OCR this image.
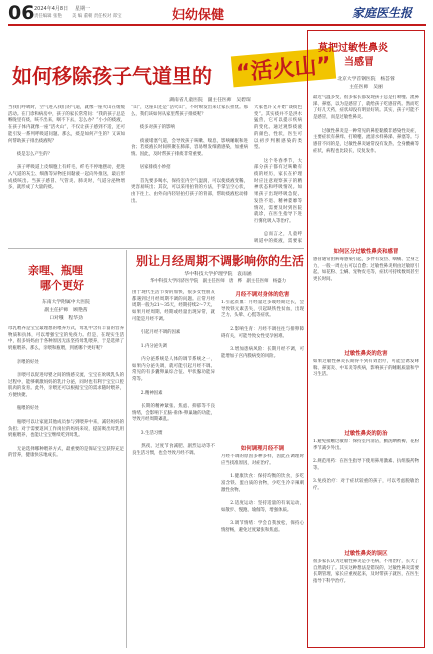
06 2024年4月8日 星期一
责任编辑 张艳 美 编 董朝 责任校对 郑宝	妇幼保健	家庭医生报
如何移除孩子气道里的 “活火山”
湖南省儿童医院　副主任医师　吴碧琛
当我们呼吸时，空气进入我们的气道，就像一座火山在缓缓活动。在门诊和病房中，孩子的家长常常问：“我的孩子总是喉咙里有痰，咳不出来，咽不下去，怎么办？”小小的痰液，在孩子体内就像一座“活火山”，不仅让孩子感到不适，还可能引发一系列呼吸道问题。那么，痰是如何产生的？又该如何帮助孩子排出痰液呢？

　　痰是怎么产生的？

　　孩子呼吸道上皮细胞上有纤毛，纤毛不停地摆动，把进入气道的灰尘、细菌等异物连同黏液一起向外推送，最后形成痰咳出。当孩子感冒、气管炎、肺炎时，气道分泌物增多，就形成了大量的痰。
“山”，这座山还是“活火山”，不时喷发出来让家长担忧。那么，我们该如何从家里帮孩子排痰呢？

　　痰多对孩子的影响

　　痰液堵塞气道，会导致孩子咳嗽、喘息，影响睡眠和进食；若痰液长时间积聚在肺部，容易继发细菌感染，加重病情。因此，及时帮孩子排痰非常重要。

　　居家排痰小妙招

　　首先要多喝水，保持室内空气湿润，可以使痰液变稀，更容易咳出；其次，可以采用拍背的方法，手掌呈空心状，由下往上、由外向内轻轻拍打孩子的背部，帮助痰液松动排出。
大家也许又开始“谈痰色变”。其实痰并不是洪水猛兽，它可以提示疾病的变化。通过观察痰液的颜色、性状，医生可以初步判断感染的类型。

　　这个冬春季节，大部分孩子都有过咳嗽有痰的经历，家长在护理时应注意观察孩子的精神状态和呼吸情况。如果孩子出现呼吸急促、发热不退、精神萎靡等情况，需要及时到医院就诊，在医生指导下进行雾化吸入等治疗。

　　总而言之，儿童呼吸道中的痰液，需要家
亲哩、瓶哩
哪个更好
东南大学附属中大医院
副主任护师　顾艳茜
口对哦　程华劲
母乳喂养是宝宝最理想的喂养方式，母乳中含有丰富的营养物质和抗体，可以增强宝宝的免疫力。但是，在现实生活中，很多妈妈由于各种原因无法坚持母乳喂养，于是选择了奶瓶喂养。那么，亲喂和瓶喂，到底哪个更好呢？

　　亲喂的好处

　　亲喂可以促进母婴之间的情感交流，宝宝在吮吸乳头的过程中，能够刺激妈妈的乳汁分泌，同时也有利于宝宝口腔肌肉的发育。此外，亲喂还可以根据宝宝的需求随时喂养，方便快捷。

　　瓶喂的好处

　　瓶喂可以让家庭其他成员参与到喂养中来，减轻妈妈的负担；对于需要返回工作岗位的妈妈来说，提前吸出母乳用奶瓶喂养，也能让宝宝继续吃到母乳。

　　无论选择哪种喂养方式，最重要的是保证宝宝获得充足的营养，健康快乐地成长。
别让月经周期不调影响你的生活
华中科技大学护理学院　袁雨涵
华中科技大学同济医学院　副主任医师　唐　桦　副主任医师　杨盛力
由于现代生活节奏的加快，很多女性朋友都遇到过月经周期不调的问题。正常月经周期一般为21～35天，经期持续2～7天。如果月经周期、经期或经量出现异常，就可能是月经不调。

　　引起月经不调的因素

　　1.内分泌失调

　　内分泌系统是人体的调节系统之一，如果内分泌失调，就可能引起月经不调。常见的有多囊卵巢综合征、甲状腺功能异常等。

　　2.精神因素

　　长期的精神紧张、焦虑、抑郁等不良情绪，会影响下丘脑-垂体-卵巢轴的功能，导致月经周期紊乱。

　　3.生活习惯

　　熬夜、过度节食减肥、剧烈运动等不良生活习惯，也会导致月经不调。
月经不调对身体的危害
1.引起贫血：月经量过多或经期过长，会导致铁元素丢失，引起缺铁性贫血，出现乏力、头晕、心慌等症状。

　　2.影响生育：月经不调往往与排卵障碍有关，可能导致女性受孕困难。

　　3.增加患病风险：长期月经不调，可能增加子宫内膜病变的风险。
如何调理月经不调
月经不调的原因多种多样，因此在调理时应当找准原因，对症治疗。

　　1.健康饮食：保持均衡的饮食，多吃富含铁、蛋白质的食物，少吃生冷辛辣刺激性食物。

　　2.适度运动：坚持适量的有氧运动，如散步、慢跑、瑜伽等，增强体质。

　　3.调节情绪：学会自我放松，保持心情舒畅，避免过度紧张和焦虑。
莫把过敏性鼻炎
当感冒
北京大学首钢医院　杨荟蓉
主任医师　吴丽
最近气温多变，很多家长都发现孩子总是打喷嚏、流鼻涕、鼻塞，以为是感冒了，就给孩子吃感冒药。然而吃了好几天药，症状却没有明显好转。其实，孩子可能不是感冒，而是过敏性鼻炎。

　　过敏性鼻炎是一种常见的鼻腔黏膜非感染性炎症，主要症状有鼻痒、打喷嚏、流清水样鼻涕、鼻塞等。与感冒不同的是，过敏性鼻炎通常没有发热、全身酸痛等症状，病程也比较长，反复发作。
如何区分过敏性鼻炎和感冒
感冒通常由病毒感染引起，多伴有发热、咽痛、全身乏力，一般一周左右可以自愈；过敏性鼻炎则由过敏原引起，如花粉、尘螨、宠物皮毛等，症状可持续数周甚至更长时间。
过敏性鼻炎的危害
如果过敏性鼻炎长期得不到有效治疗，可能会诱发哮喘、鼻窦炎、中耳炎等疾病，影响孩子的睡眠质量和学习生活。
过敏性鼻炎的防治
1.避免接触过敏原：保持室内清洁，勤洗晒被褥，花粉季节减少外出。

2.规范用药：在医生指导下使用鼻用激素、抗组胺药物等。

3.免疫治疗：对于症状较重的孩子，可以考虑脱敏治疗。
过敏性鼻炎的误区
很多家长认为过敏性鼻炎是小毛病，不用治疗，长大了自然就好了。其实这种想法是错误的，过敏性鼻炎需要长期管理，家长应重视起来，及时带孩子就医，在医生指导下科学治疗。
